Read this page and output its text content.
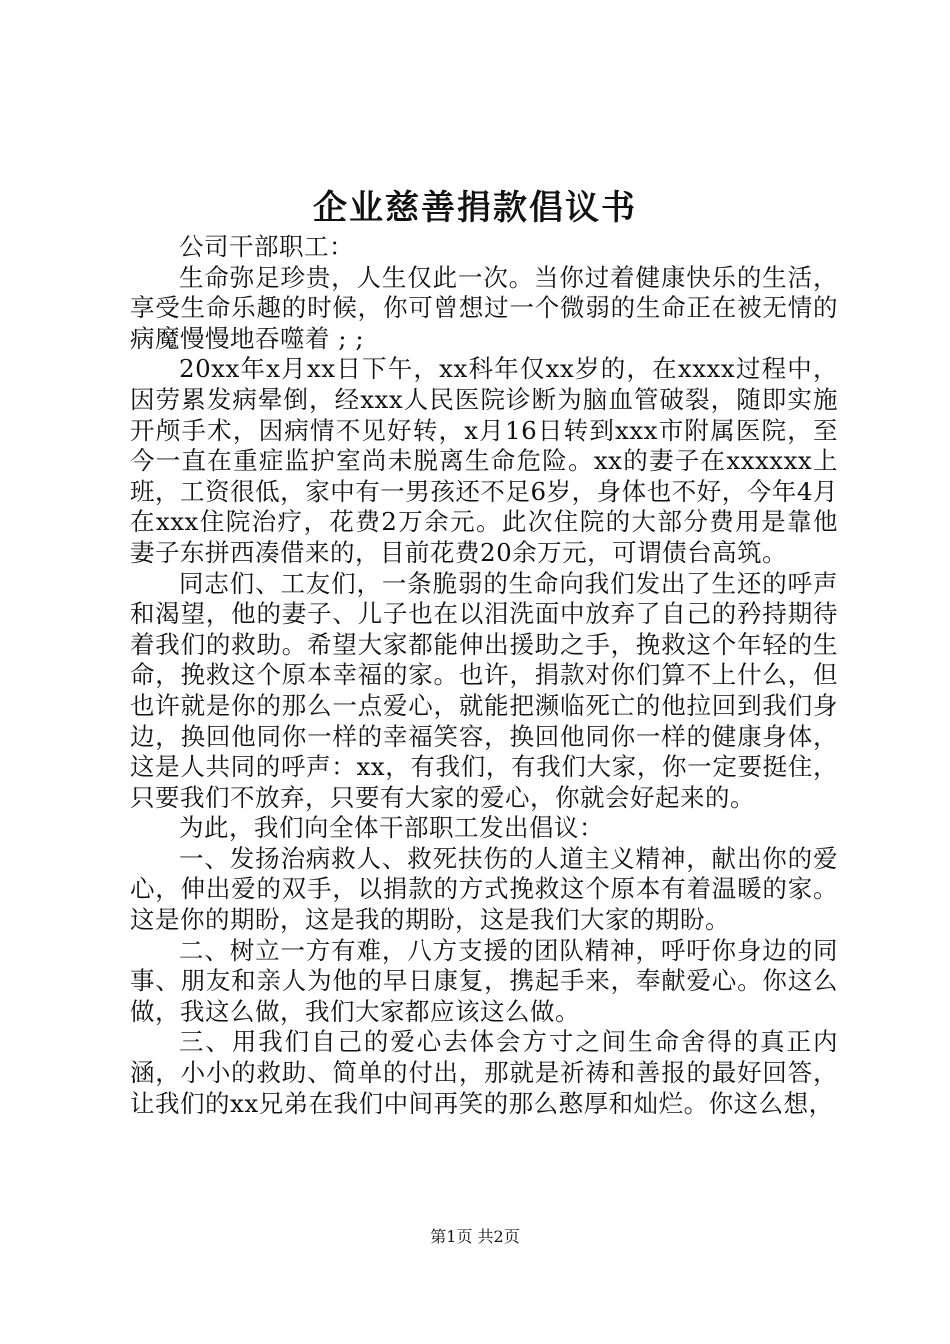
企业慈善捐款倡议书

公司干部职工：

生命弥足珍贵，人生仅此一次。当你过着健康快乐的生活，享受生命乐趣的时候，你可曾想过一个微弱的生命正在被无情的病魔慢慢地吞噬着 ; ;

20xx年x月xx日下午，xx科年仅xx岁的，在xxxx过程中，因劳累发病晕倒，经xxx人民医院诊断为脑血管破裂，随即实施开颅手术，因病情不见好转，x月16日转到xxx市附属医院，至今一直在重症监护室尚未脱离生命危险。xx的妻子在xxxxxx上班，工资很低，家中有一男孩还不足6岁，身体也不好，今年4月在xxx住院治疗，花费2万余元。此次住院的大部分费用是靠他妻子东拼西凑借来的，目前花费20余万元，可谓债台高筑。

同志们、工友们，一条脆弱的生命向我们发出了生还的呼声和渴望，他的妻子、儿子也在以泪洗面中放弃了自己的矜持期待着我们的救助。希望大家都能伸出援助之手，挽救这个年轻的生命，挽救这个原本幸福的家。也许，捐款对你们算不上什么，但也许就是你的那么一点爱心，就能把濒临死亡的他拉回到我们身边，换回他同你一样的幸福笑容，换回他同你一样的健康身体，这是人共同的呼声：xx，有我们，有我们大家，你一定要挺住，只要我们不放弃，只要有大家的爱心，你就会好起来的。

为此，我们向全体干部职工发出倡议：

一、发扬治病救人、救死扶伤的人道主义精神，献出你的爱心，伸出爱的双手，以捐款的方式挽救这个原本有着温暖的家。这是你的期盼，这是我的期盼，这是我们大家的期盼。

二、树立一方有难，八方支援的团队精神，呼吁你身边的同事、朋友和亲人为他的早日康复，携起手来，奉献爱心。你这么做，我这么做，我们大家都应该这么做。

三、用我们自己的爱心去体会方寸之间生命舍得的真正内涵，小小的救助、简单的付出，那就是祈祷和善报的最好回答，让我们的xx兄弟在我们中间再笑的那么憨厚和灿烂。你这么想，

第1页 共2页
